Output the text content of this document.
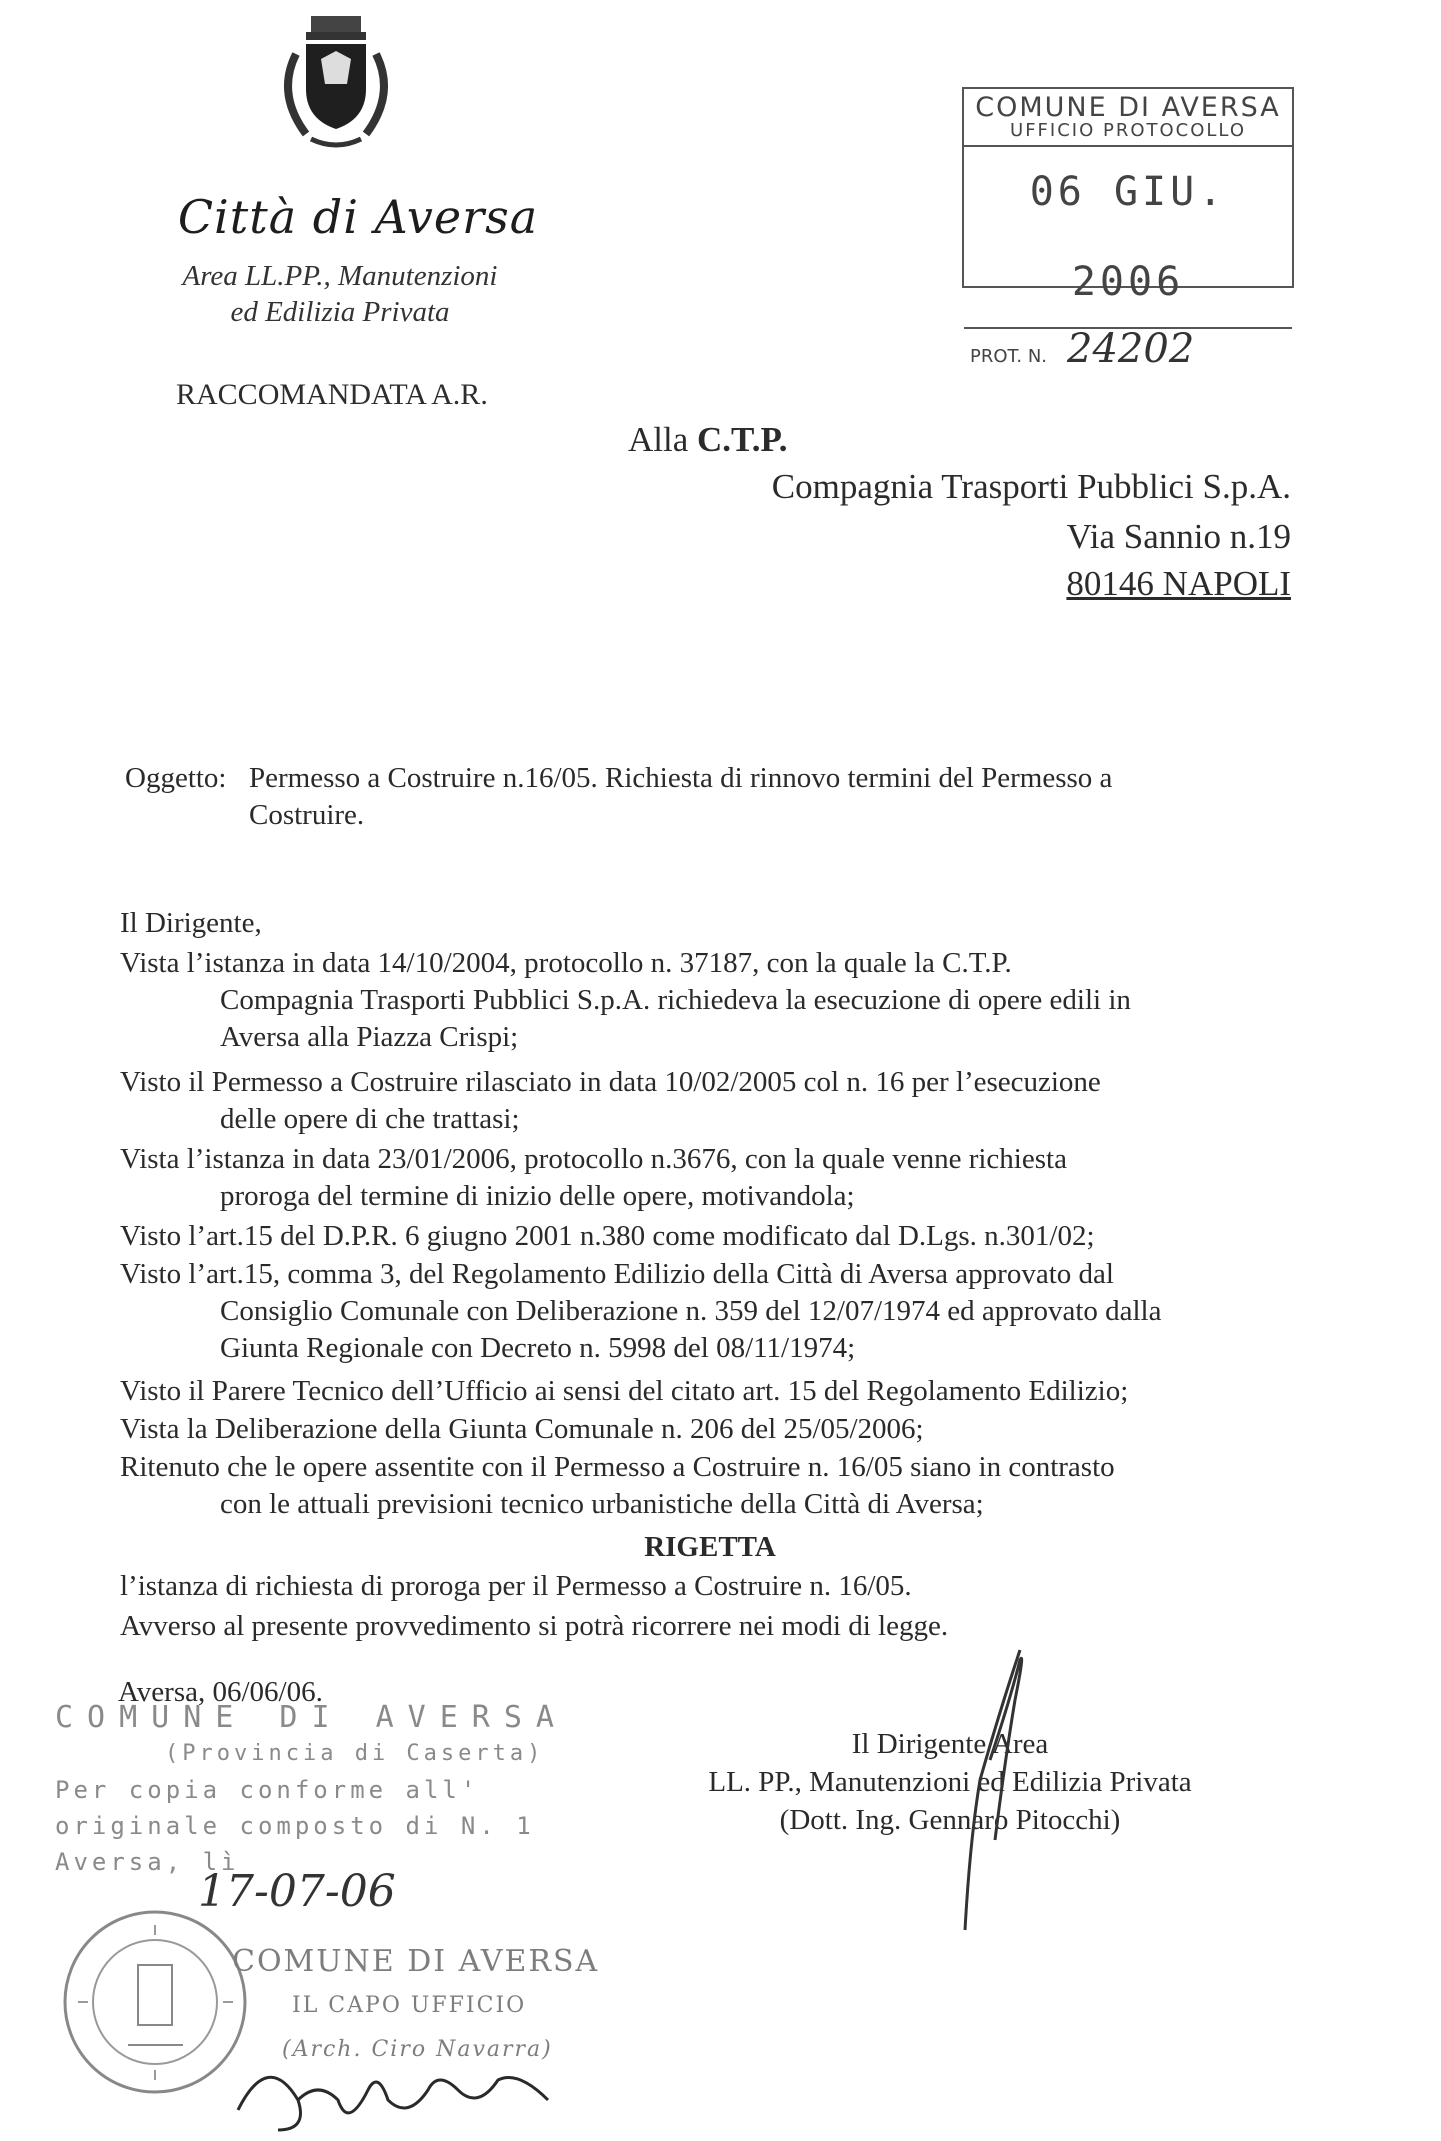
Città di Aversa
Area LL.PP., Manutenzioni
ed Edilizia Privata
RACCOMANDATA A.R.
COMUNE DI AVERSA
UFFICIO PROTOCOLLO
06 GIU. 2006
PROT. N. 24202
Alla C.T.P.
Compagnia Trasporti Pubblici S.p.A.
Via Sannio n.19
80146 NAPOLI
Oggetto: Permesso a Costruire n.16/05. Richiesta di rinnovo termini del Permesso a
Costruire.
Il Dirigente,
Vista l’istanza in data 14/10/2004, protocollo n. 37187, con la quale la C.T.P.
Compagnia Trasporti Pubblici S.p.A. richiedeva la esecuzione di opere edili in
Aversa alla Piazza Crispi;
Visto il Permesso a Costruire rilasciato in data 10/02/2005 col n. 16 per l’esecuzione
delle opere di che trattasi;
Vista l’istanza in data 23/01/2006, protocollo n.3676, con la quale venne richiesta
proroga del termine di inizio delle opere, motivandola;
Visto l’art.15 del D.P.R. 6 giugno 2001 n.380 come modificato dal D.Lgs. n.301/02;
Visto l’art.15, comma 3, del Regolamento Edilizio della Città di Aversa approvato dal
Consiglio Comunale con Deliberazione n. 359 del 12/07/1974 ed approvato dalla
Giunta Regionale con Decreto n. 5998 del 08/11/1974;
Visto il Parere Tecnico dell’Ufficio ai sensi del citato art. 15 del Regolamento Edilizio;
Vista la Deliberazione della Giunta Comunale n. 206 del 25/05/2006;
Ritenuto che le opere assentite con il Permesso a Costruire n. 16/05 siano in contrasto
con le attuali previsioni tecnico urbanistiche della Città di Aversa;
RIGETTA
l’istanza di richiesta di proroga per il Permesso a Costruire n. 16/05.
Avverso al presente provvedimento si potrà ricorrere nei modi di legge.
Aversa, 06/06/06.
Il Dirigente Area
LL. PP., Manutenzioni ed Edilizia Privata
(Dott. Ing. Gennaro Pitocchi)
COMUNE DI AVERSA
(Provincia di Caserta)
Per copia conforme all'
originale composto di N. 1
Aversa, lì
17-07-06
COMUNE DI AVERSA
IL CAPO UFFICIO
(Arch. Ciro Navarra)
